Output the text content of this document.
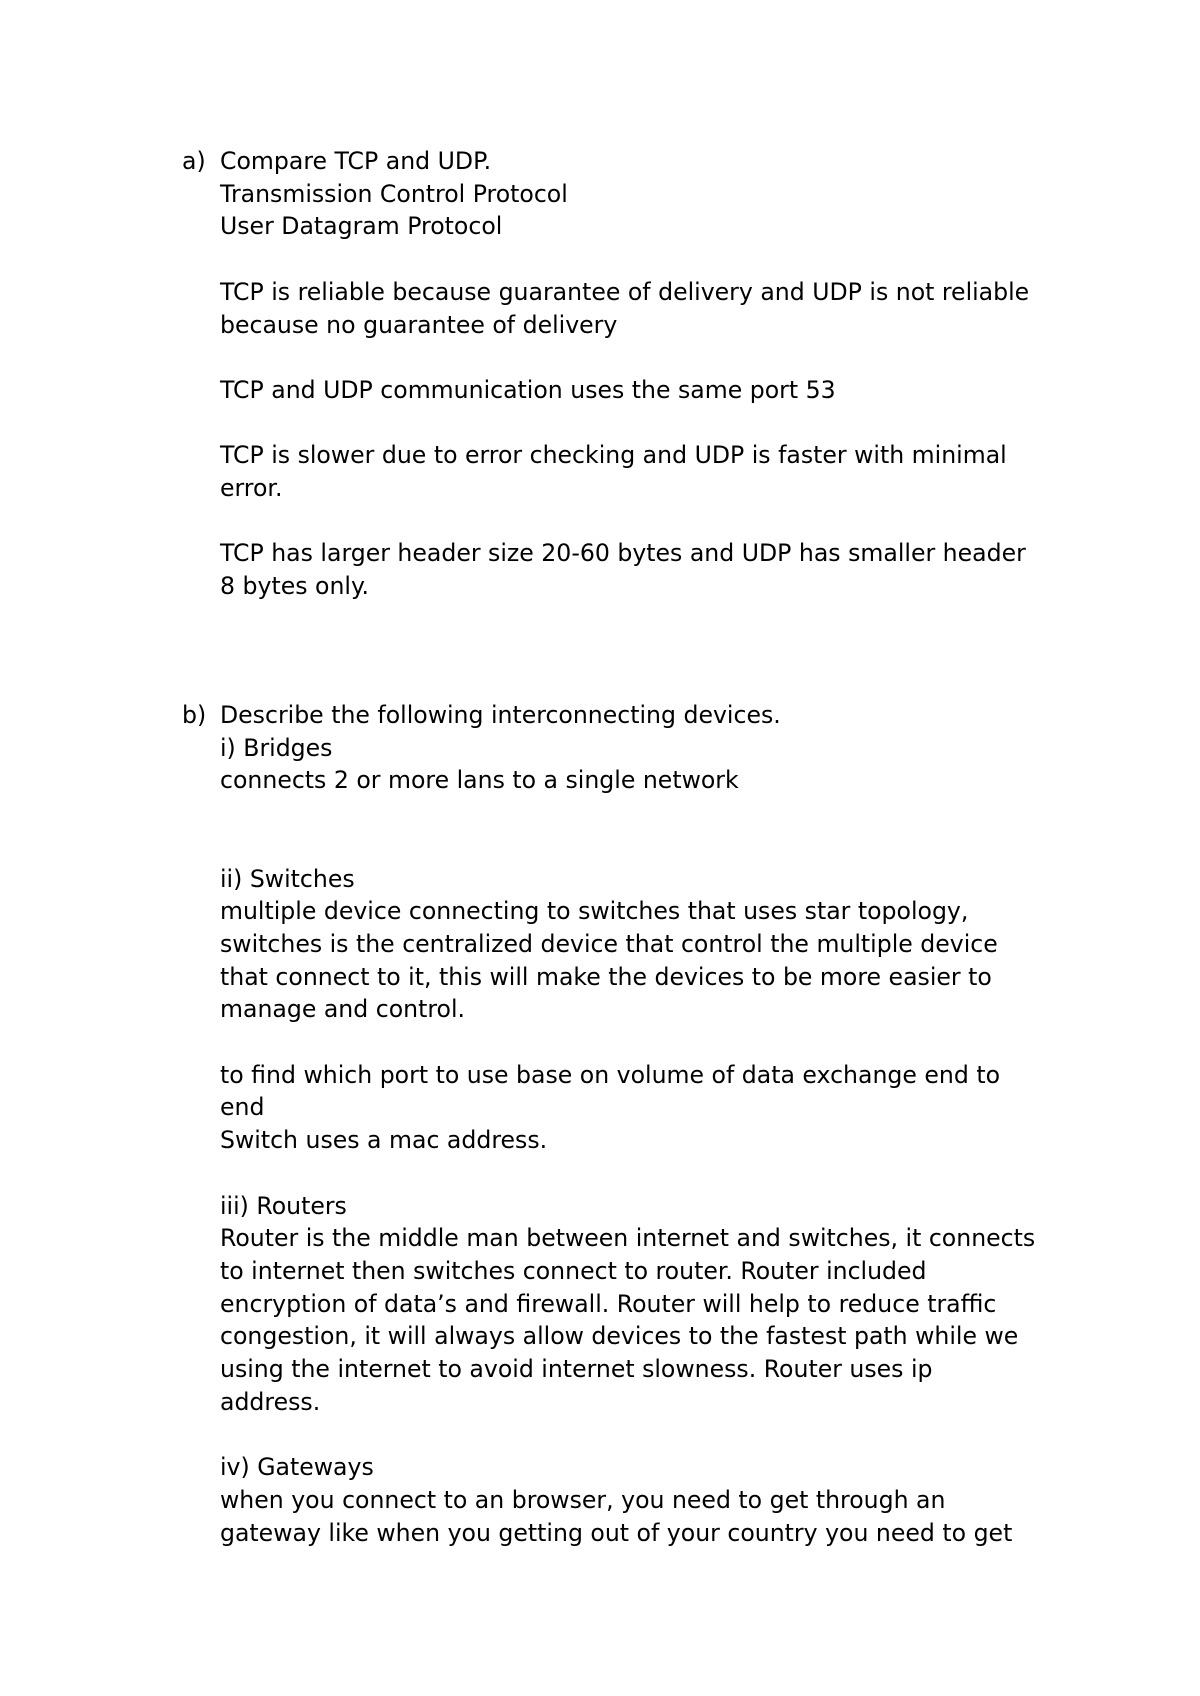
a) Compare TCP and UDP.
Transmission Control Protocol
User Datagram Protocol
TCP is reliable because guarantee of delivery and UDP is not reliable
because no guarantee of delivery
TCP and UDP communication uses the same port 53
TCP is slower due to error checking and UDP is faster with minimal
error.
TCP has larger header size 20-60 bytes and UDP has smaller header
8 bytes only.
b) Describe the following interconnecting devices.
i) Bridges
connects 2 or more lans to a single network
ii) Switches
multiple device connecting to switches that uses star topology,
switches is the centralized device that control the multiple device
that connect to it, this will make the devices to be more easier to
manage and control.
to find which port to use base on volume of data exchange end to
end
Switch uses a mac address.
iii) Routers
Router is the middle man between internet and switches, it connects
to internet then switches connect to router. Router included
encryption of data’s and firewall. Router will help to reduce traffic
congestion, it will always allow devices to the fastest path while we
using the internet to avoid internet slowness. Router uses ip
address.
iv) Gateways
when you connect to an browser, you need to get through an
gateway like when you getting out of your country you need to get
